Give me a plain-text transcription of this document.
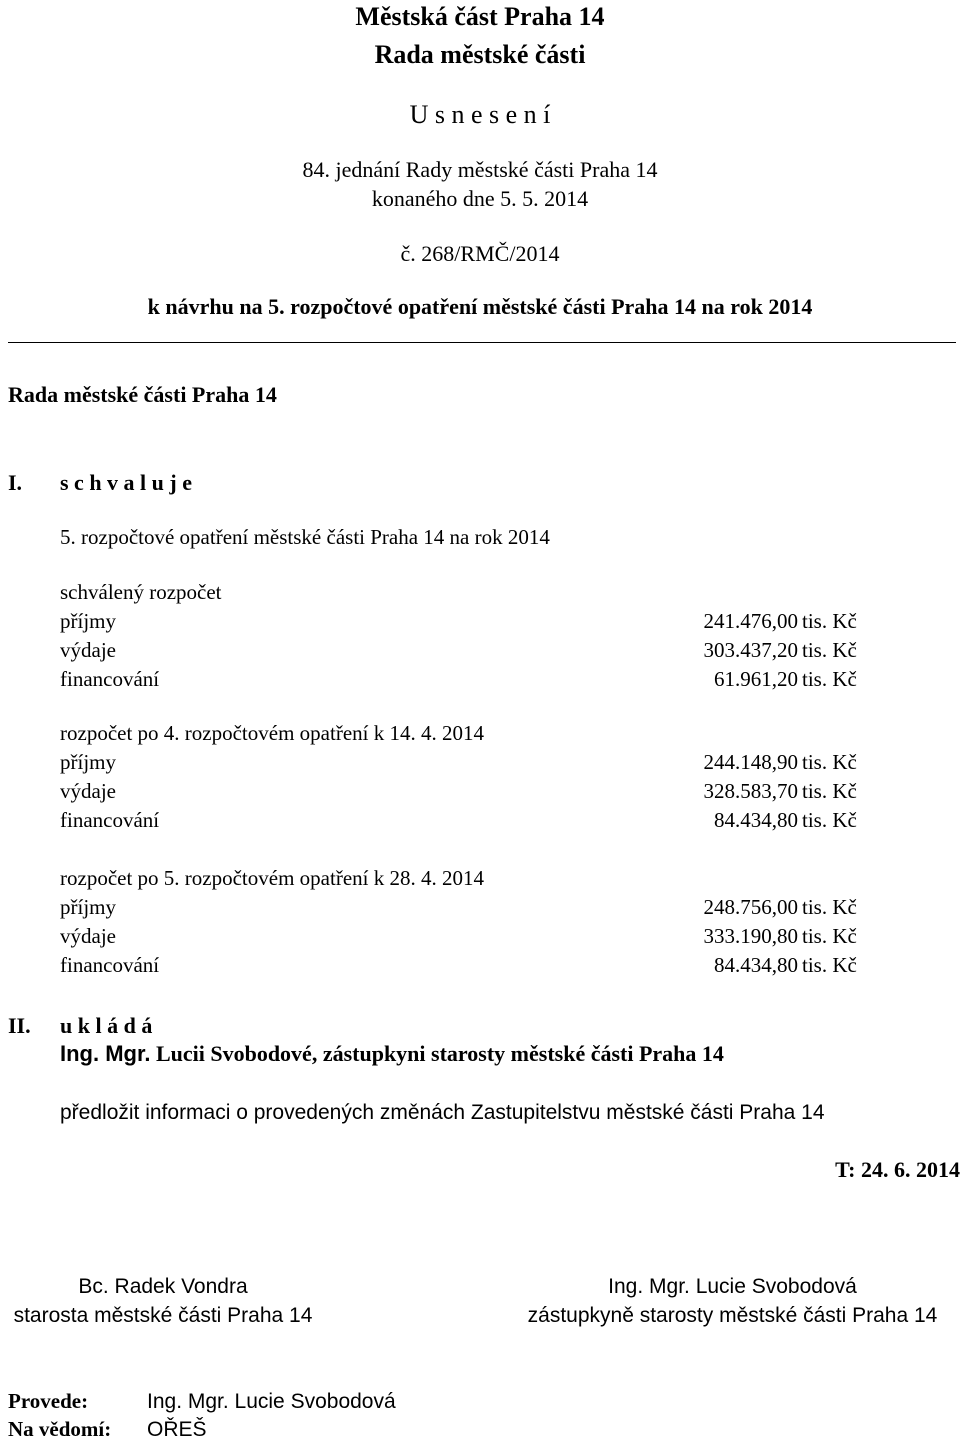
Městská část Praha 14
Rada městské části
U s n e s e n í
84. jednání Rady městské části Praha 14
konaného dne 5. 5. 2014
č. 268/RMČ/2014
k návrhu na 5. rozpočtové opatření městské části Praha 14 na rok 2014
Rada městské části Praha 14
I. s c h v a l u j e
5. rozpočtové opatření městské části Praha 14 na rok 2014
schválený rozpočet
příjmy	241.476,00 tis. Kč
výdaje	303.437,20 tis. Kč
financování	61.961,20 tis. Kč
rozpočet po 4. rozpočtovém opatření k 14. 4. 2014
příjmy	244.148,90 tis. Kč
výdaje	328.583,70 tis. Kč
financování	84.434,80 tis. Kč
rozpočet po 5. rozpočtovém opatření k 28. 4. 2014
příjmy	248.756,00 tis. Kč
výdaje	333.190,80 tis. Kč
financování	84.434,80 tis. Kč
II. u k l á d á
Ing. Mgr. Lucii Svobodové, zástupkyni starosty městské části Praha 14
předložit informaci o provedených změnách Zastupitelstvu městské části Praha 14
T: 24. 6. 2014
Bc. Radek Vondra
starosta městské části Praha 14
Ing. Mgr. Lucie Svobodová
zástupkyně starosty městské části Praha 14
Provede:	Ing. Mgr. Lucie Svobodová
Na vědomí: OŘEŠ
